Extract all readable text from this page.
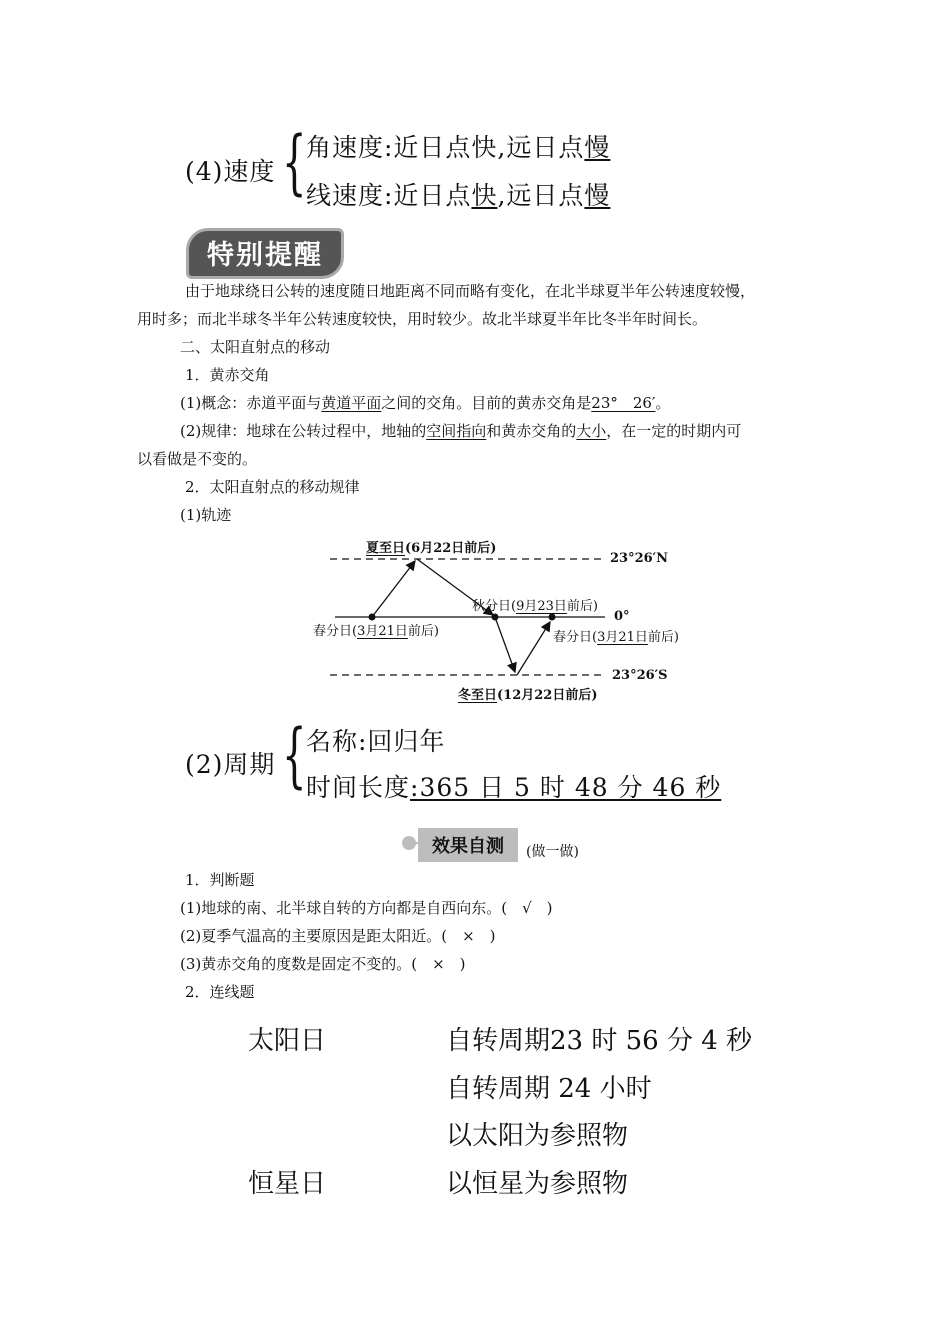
(4)速度 { 角速度:近日点快,远日点慢
线速度:近日点快,远日点慢
特别提醒
由于地球绕日公转的速度随日地距离不同而略有变化，在北半球夏半年公转速度较慢，
用时多；而北半球冬半年公转速度较快，用时较少。故北半球夏半年比冬半年时间长。
二、太阳直射点的移动
1．黄赤交角
(1)概念：赤道平面与黄道平面之间的交角。目前的黄赤交角是23°　26′。
(2)规律：地球在公转过程中，地轴的空间指向和黄赤交角的大小，在一定的时期内可
以看做是不变的。
2．太阳直射点的移动规律
(1)轨迹
夏至日(6月22日前后)
23°26′N
秋分日(9月23日前后)
0°
春分日(3月21日前后)	春分日(3月21日前后)
23°26′S
冬至日(12月22日前后)
(2)周期 { 名称:回归年
时间长度:365 日 5 时 48 分 46 秒
效果自测	(做一做)
1．判断题
(1)地球的南、北半球自转的方向都是自西向东。(　√　)
(2)夏季气温高的主要原因是距太阳近。(　×　)
(3)黄赤交角的度数是固定不变的。(　×　)
2．连线题
太阳日
恒星日
自转周期23 时 56 分 4 秒
自转周期 24 小时
以太阳为参照物
以恒星为参照物
